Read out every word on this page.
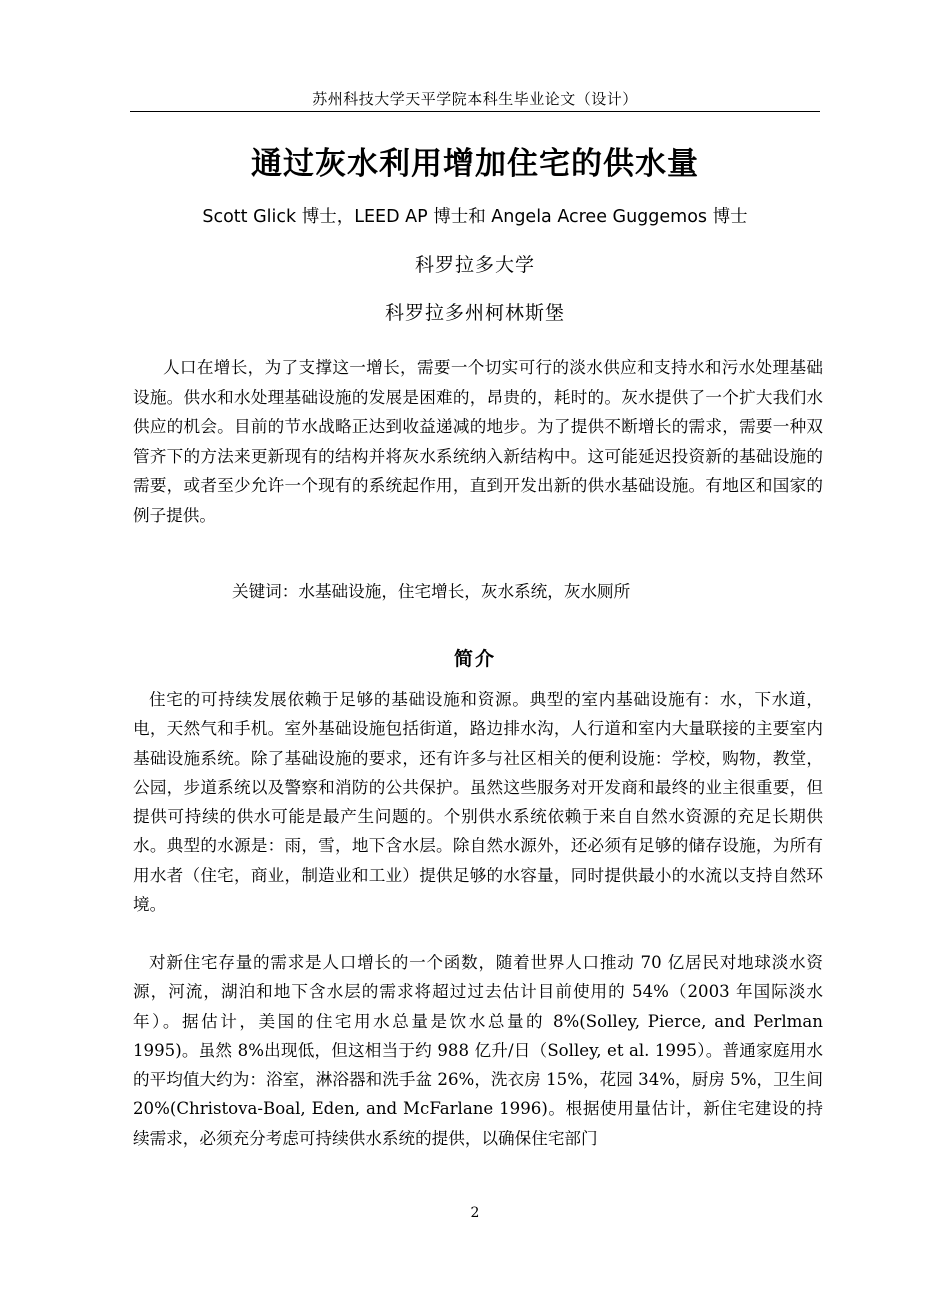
苏州科技大学天平学院本科生毕业论文（设计）
通过灰水利用增加住宅的供水量
Scott Glick 博士，LEED AP 博士和 Angela Acree Guggemos 博士
科罗拉多大学
科罗拉多州柯林斯堡

人口在增长，为了支撑这一增长，需要一个切实可行的淡水供应和支持水和污水处理基础设施。供水和水处理基础设施的发展是困难的，昂贵的，耗时的。灰水提供了一个扩大我们水供应的机会。目前的节水战略正达到收益递减的地步。为了提供不断增长的需求，需要一种双管齐下的方法来更新现有的结构并将灰水系统纳入新结构中。这可能延迟投资新的基础设施的需要，或者至少允许一个现有的系统起作用，直到开发出新的供水基础设施。有地区和国家的例子提供。

关键词：水基础设施，住宅增长，灰水系统，灰水厕所
简介

住宅的可持续发展依赖于足够的基础设施和资源。典型的室内基础设施有：水，下水道，电，天然气和手机。室外基础设施包括街道，路边排水沟，人行道和室内大量联接的主要室内基础设施系统。除了基础设施的要求，还有许多与社区相关的便利设施：学校，购物，教堂，公园，步道系统以及警察和消防的公共保护。虽然这些服务对开发商和最终的业主很重要，但提供可持续的供水可能是最产生问题的。个别供水系统依赖于来自自然水资源的充足长期供水。典型的水源是：雨，雪，地下含水层。除自然水源外，还必须有足够的储存设施，为所有用水者（住宅，商业，制造业和工业）提供足够的水容量，同时提供最小的水流以支持自然环境。

对新住宅存量的需求是人口增长的一个函数，随着世界人口推动 70 亿居民对地球淡水资源，河流，湖泊和地下含水层的需求将超过过去估计目前使用的 54%（2003 年国际淡水年）。据估计，美国的住宅用水总量是饮水总量的 8%(Solley, Pierce, and Perlman 1995)。虽然 8%出现低，但这相当于约 988 亿升/日（Solley, et al. 1995）。普通家庭用水的平均值大约为：浴室，淋浴器和洗手盆 26%，洗衣房 15%，花园 34%，厨房 5%，卫生间 20%(Christova-Boal, Eden, and McFarlane 1996)。根据使用量估计，新住宅建设的持续需求，必须充分考虑可持续供水系统的提供，以确保住宅部门

2
